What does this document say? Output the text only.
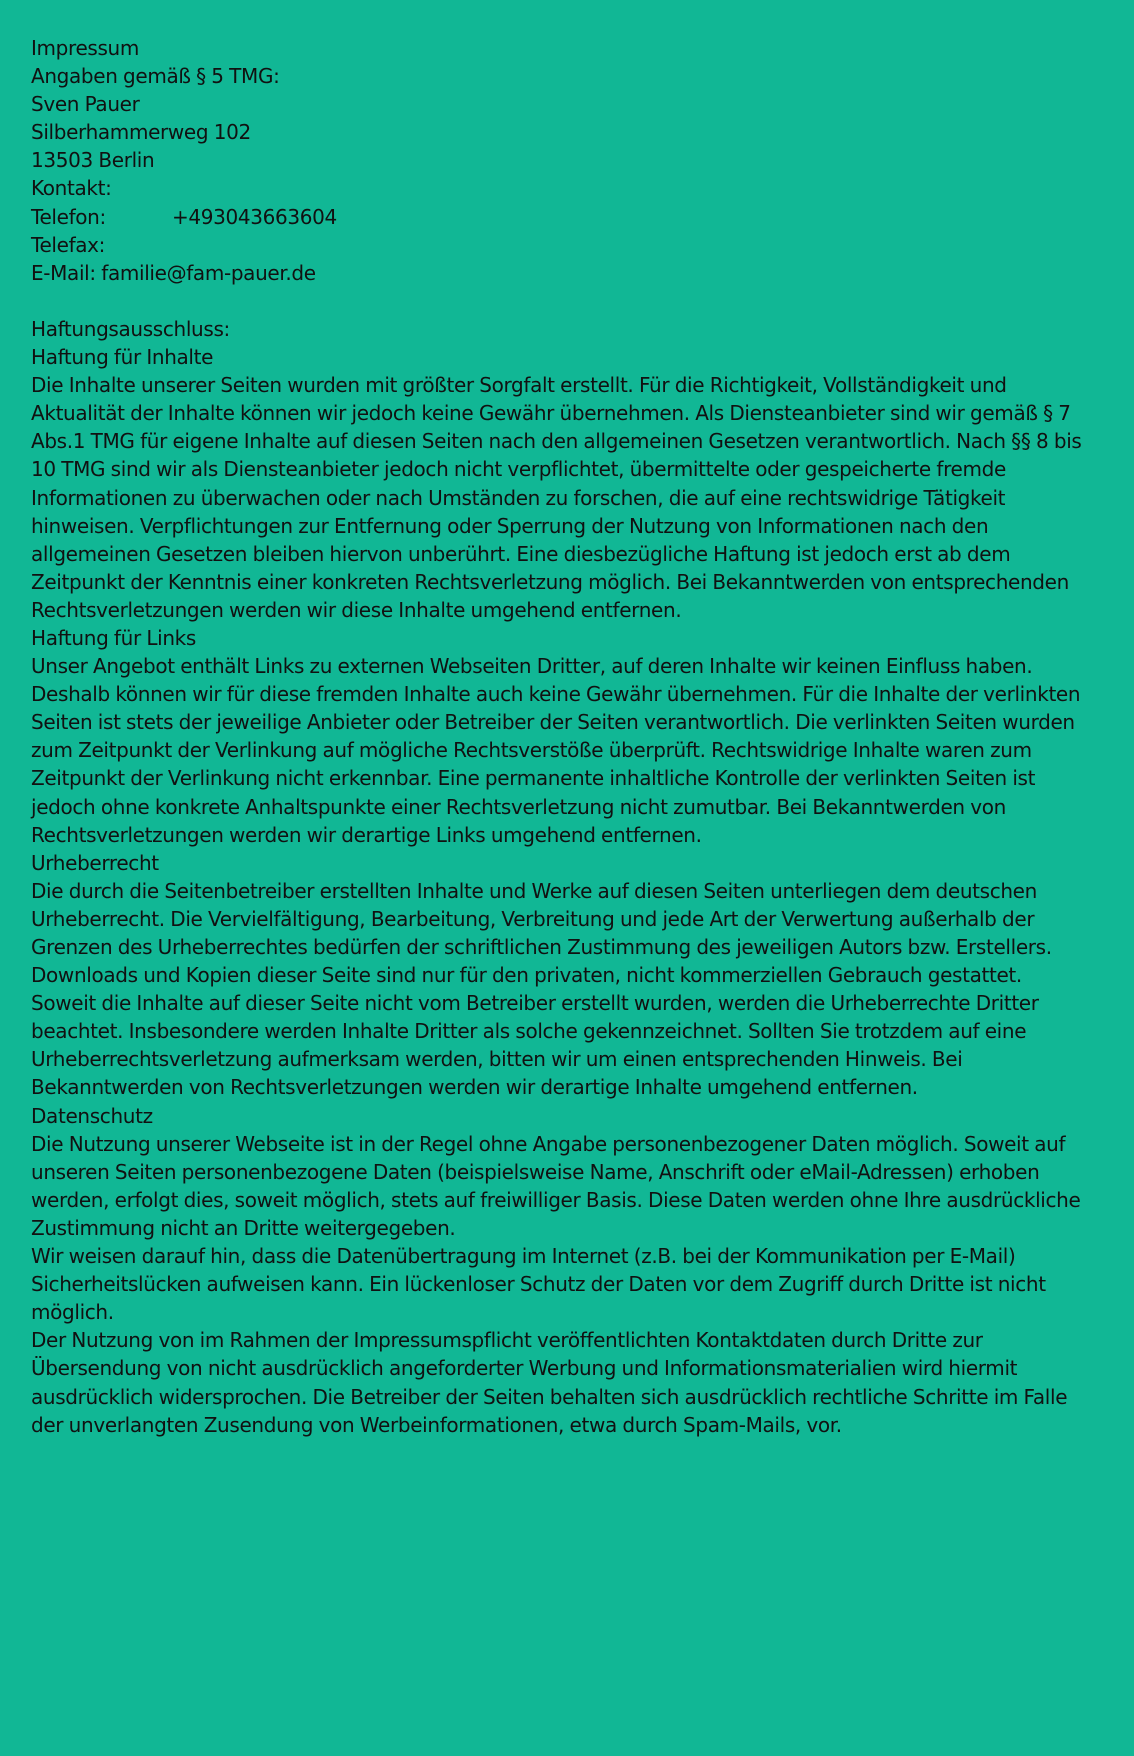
Impressum
Angaben gemäß § 5 TMG:
Sven Pauer
Silberhammerweg 102
13503 Berlin
Kontakt:
Telefon:	+493043663604
Telefax:
E-Mail: familie@fam-pauer.de
Haftungsausschluss:
Haftung für Inhalte
Die Inhalte unserer Seiten wurden mit größter Sorgfalt erstellt. Für die Richtigkeit, Vollständigkeit und
Aktualität der Inhalte können wir jedoch keine Gewähr übernehmen. Als Diensteanbieter sind wir gemäß § 7
Abs.1 TMG für eigene Inhalte auf diesen Seiten nach den allgemeinen Gesetzen verantwortlich. Nach §§ 8 bis
10 TMG sind wir als Diensteanbieter jedoch nicht verpflichtet, übermittelte oder gespeicherte fremde
Informationen zu überwachen oder nach Umständen zu forschen, die auf eine rechtswidrige Tätigkeit
hinweisen. Verpflichtungen zur Entfernung oder Sperrung der Nutzung von Informationen nach den
allgemeinen Gesetzen bleiben hiervon unberührt. Eine diesbezügliche Haftung ist jedoch erst ab dem
Zeitpunkt der Kenntnis einer konkreten Rechtsverletzung möglich. Bei Bekanntwerden von entsprechenden
Rechtsverletzungen werden wir diese Inhalte umgehend entfernen.
Haftung für Links
Unser Angebot enthält Links zu externen Webseiten Dritter, auf deren Inhalte wir keinen Einfluss haben.
Deshalb können wir für diese fremden Inhalte auch keine Gewähr übernehmen. Für die Inhalte der verlinkten
Seiten ist stets der jeweilige Anbieter oder Betreiber der Seiten verantwortlich. Die verlinkten Seiten wurden
zum Zeitpunkt der Verlinkung auf mögliche Rechtsverstöße überprüft. Rechtswidrige Inhalte waren zum
Zeitpunkt der Verlinkung nicht erkennbar. Eine permanente inhaltliche Kontrolle der verlinkten Seiten ist
jedoch ohne konkrete Anhaltspunkte einer Rechtsverletzung nicht zumutbar. Bei Bekanntwerden von
Rechtsverletzungen werden wir derartige Links umgehend entfernen.
Urheberrecht
Die durch die Seitenbetreiber erstellten Inhalte und Werke auf diesen Seiten unterliegen dem deutschen
Urheberrecht. Die Vervielfältigung, Bearbeitung, Verbreitung und jede Art der Verwertung außerhalb der
Grenzen des Urheberrechtes bedürfen der schriftlichen Zustimmung des jeweiligen Autors bzw. Erstellers.
Downloads und Kopien dieser Seite sind nur für den privaten, nicht kommerziellen Gebrauch gestattet.
Soweit die Inhalte auf dieser Seite nicht vom Betreiber erstellt wurden, werden die Urheberrechte Dritter
beachtet. Insbesondere werden Inhalte Dritter als solche gekennzeichnet. Sollten Sie trotzdem auf eine
Urheberrechtsverletzung aufmerksam werden, bitten wir um einen entsprechenden Hinweis. Bei
Bekanntwerden von Rechtsverletzungen werden wir derartige Inhalte umgehend entfernen.
Datenschutz
Die Nutzung unserer Webseite ist in der Regel ohne Angabe personenbezogener Daten möglich. Soweit auf
unseren Seiten personenbezogene Daten (beispielsweise Name, Anschrift oder eMail-Adressen) erhoben
werden, erfolgt dies, soweit möglich, stets auf freiwilliger Basis. Diese Daten werden ohne Ihre ausdrückliche
Zustimmung nicht an Dritte weitergegeben.
Wir weisen darauf hin, dass die Datenübertragung im Internet (z.B. bei der Kommunikation per E-Mail)
Sicherheitslücken aufweisen kann. Ein lückenloser Schutz der Daten vor dem Zugriff durch Dritte ist nicht
möglich.
Der Nutzung von im Rahmen der Impressumspflicht veröffentlichten Kontaktdaten durch Dritte zur
Übersendung von nicht ausdrücklich angeforderter Werbung und Informationsmaterialien wird hiermit
ausdrücklich widersprochen. Die Betreiber der Seiten behalten sich ausdrücklich rechtliche Schritte im Falle
der unverlangten Zusendung von Werbeinformationen, etwa durch Spam-Mails, vor.
